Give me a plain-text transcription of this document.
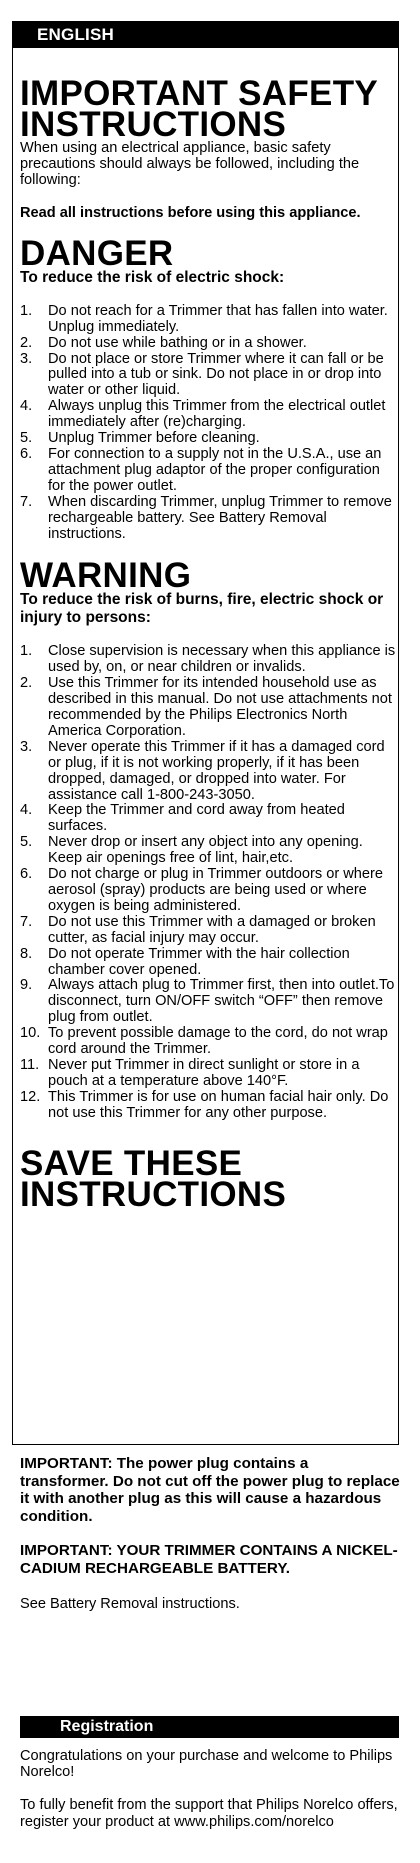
ENGLISH
IMPORTANT SAFETY
INSTRUCTIONS

When using an electrical appliance, basic safety precautions should always be followed, including the following:

Read all instructions before using this appliance.

DANGER

To reduce the risk of electric shock:

1.	Do not reach for a Trimmer that has fallen into water. Unplug immediately.
2.	Do not use while bathing or in a shower.
3.	Do not place or store Trimmer where it can fall or be pulled into a tub or sink. Do not place in or drop into water or other liquid.
4.	Always unplug this Trimmer from the electrical outlet immediately after (re)charging.
5.	Unplug Trimmer before cleaning.
6.	For connection to a supply not in the U.S.A., use an attachment plug adaptor of the proper configuration for the power outlet.
7.	When discarding Trimmer, unplug Trimmer to remove rechargeable battery. See Battery Removal instructions.
WARNING

To reduce the risk of burns, fire, electric shock or injury to persons:

1.	Close supervision is necessary when this appliance is used by, on, or near children or invalids.
2.	Use this Trimmer for its intended household use as described in this manual. Do not use attachments not recommended by the Philips Electronics North America Corporation.
3.	Never operate this Trimmer if it has a damaged cord or plug, if it is not working properly, if it has been dropped, damaged, or dropped into water. For assistance call 1-800-243-3050.
4.	Keep the Trimmer and cord away from heated surfaces.
5.	Never drop or insert any object into any opening. Keep air openings free of lint, hair,etc.
6.	Do not charge or plug in Trimmer outdoors or where aerosol (spray) products are being used or where oxygen is being administered.
7.	Do not use this Trimmer with a damaged or broken cutter, as facial injury may occur.
8.	Do not operate Trimmer with the hair collection chamber cover opened.
9.	Always attach plug to Trimmer first, then into outlet.To disconnect, turn ON/OFF switch “OFF” then remove plug from outlet.
10. To prevent possible damage to the cord, do not wrap cord around the Trimmer.
11. Never put Trimmer in direct sunlight or store in a pouch at a temperature above 140°F.
12. This Trimmer is for use on human facial hair only. Do not use this Trimmer for any other purpose.
SAVE THESE
INSTRUCTIONS

IMPORTANT: The power plug contains a transformer. Do not cut off the power plug to replace it with another plug as this will cause a hazardous condition.

IMPORTANT: YOUR TRIMMER CONTAINS A NICKEL-CADIUM RECHARGEABLE BATTERY.

See Battery Removal instructions.

Registration

Congratulations on your purchase and welcome to Philips Norelco!

To fully benefit from the support that Philips Norelco offers, register your product at www.philips.com/norelco
